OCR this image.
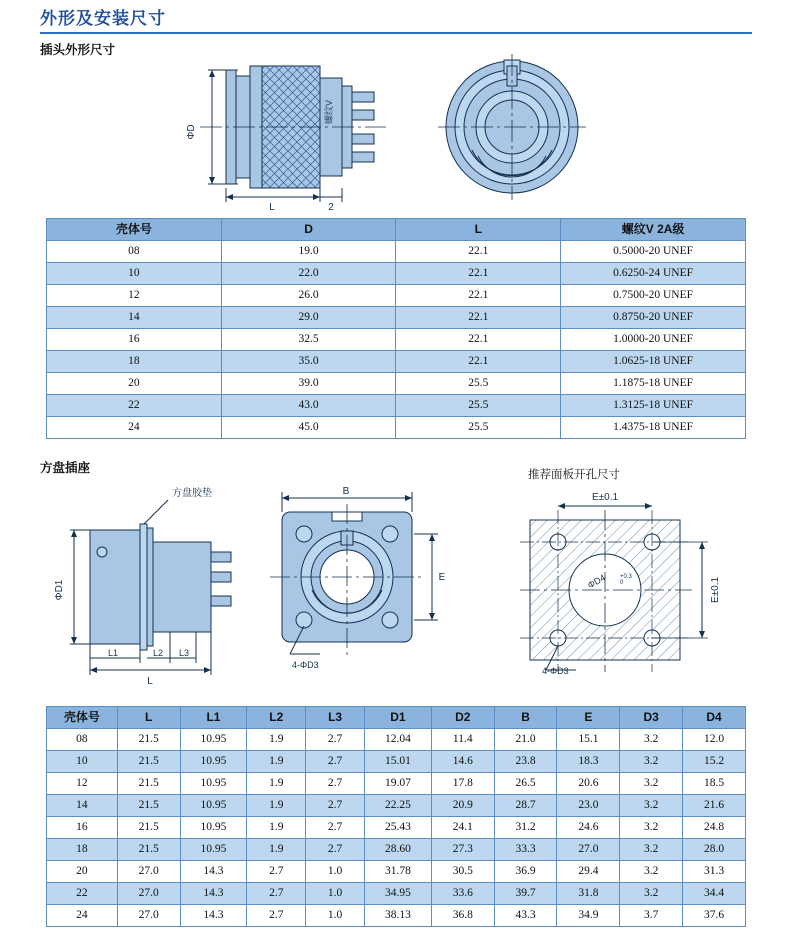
外形及安装尺寸
插头外形尺寸
ΦD
螺纹V
L	2
壳体号	D	L	螺纹V 2A级
08	19.0	22.1	0.5000-20 UNEF
10	22.0	22.1	0.6250-24 UNEF
12	26.0	22.1	0.7500-20 UNEF
14	29.0	22.1	0.8750-20 UNEF
16	32.5	22.1	1.0000-20 UNEF
18	35.0	22.1	1.0625-18 UNEF
20	39.0	25.5	1.1875-18 UNEF
22	43.0	25.5	1.3125-18 UNEF
24	45.0	25.5	1.4375-18 UNEF
方盘插座
ΦD1
方盘胶垫
L1	L2 L3
L
B
E
4-ΦD3
E±0.1
E±0.1
ΦD4 +0.3
0
4-ΦD3
推荐面板开孔尺寸
壳体号	L	L1	L2	L3	D1	D2	B	E	D3	D4
08	21.5	10.95	1.9	2.7	12.04	11.4	21.0	15.1	3.2	12.0
10	21.5	10.95	1.9	2.7	15.01	14.6	23.8	18.3	3.2	15.2
12	21.5	10.95	1.9	2.7	19.07	17.8	26.5	20.6	3.2	18.5
14	21.5	10.95	1.9	2.7	22.25	20.9	28.7	23.0	3.2	21.6
16	21.5	10.95	1.9	2.7	25.43	24.1	31.2	24.6	3.2	24.8
18	21.5	10.95	1.9	2.7	28.60	27.3	33.3	27.0	3.2	28.0
20	27.0	14.3	2.7	1.0	31.78	30.5	36.9	29.4	3.2	31.3
22	27.0	14.3	2.7	1.0	34.95	33.6	39.7	31.8	3.2	34.4
24	27.0	14.3	2.7	1.0	38.13	36.8	43.3	34.9	3.7	37.6
